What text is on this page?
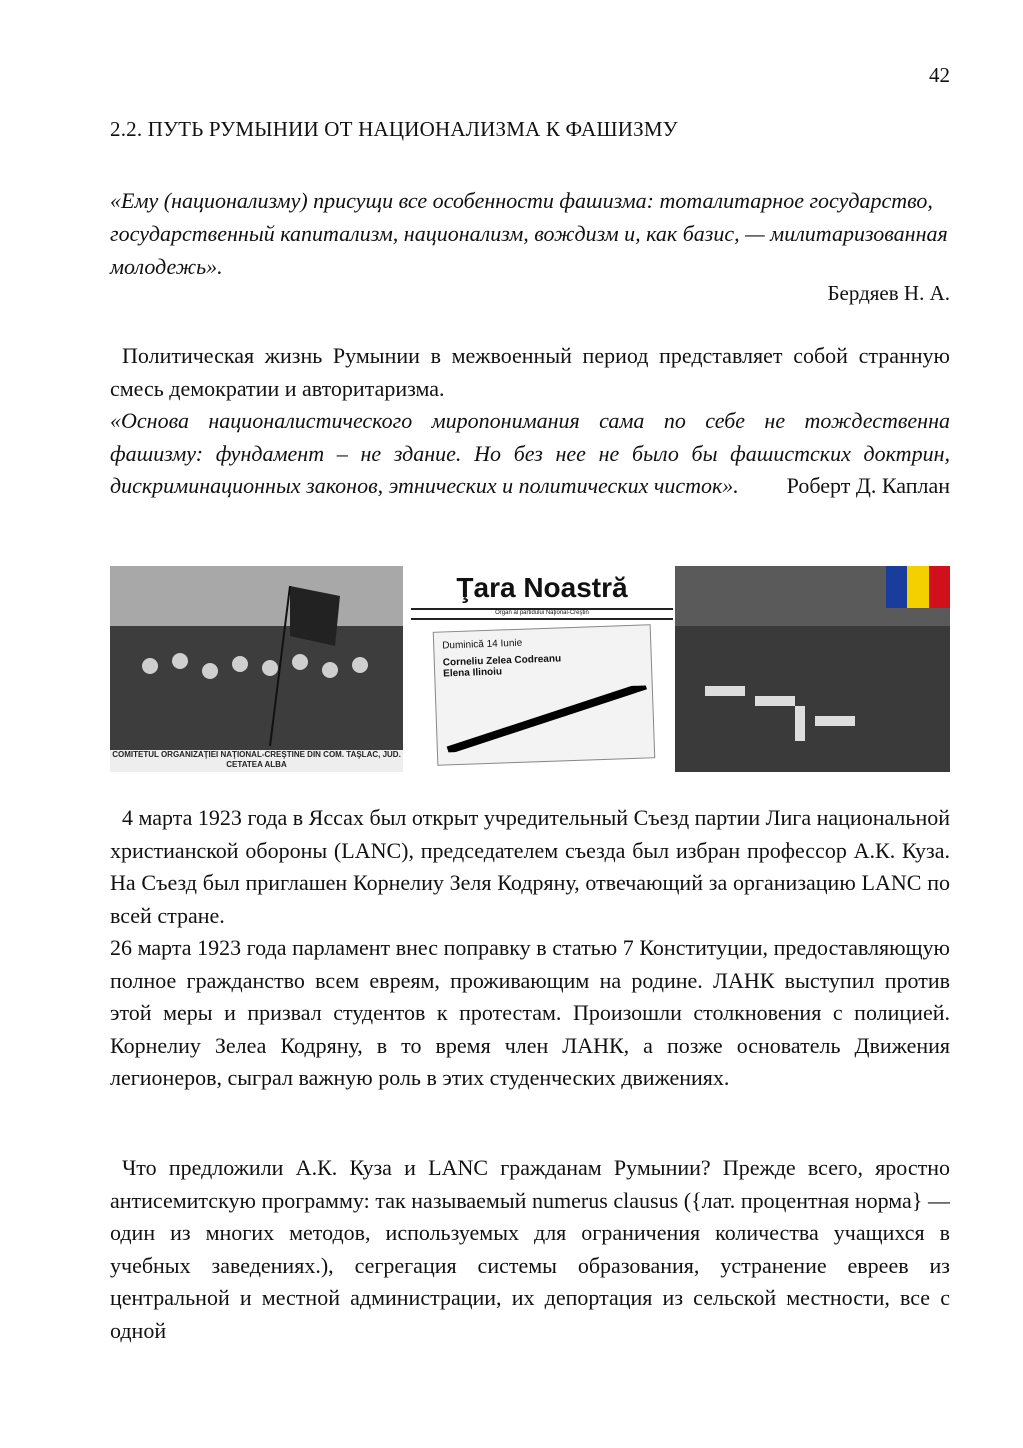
42
2.2. ПУТЬ РУМЫНИИ ОТ НАЦИОНАЛИЗМА К ФАШИЗМУ
«Ему (национализму) присущи все особенности фашизма: тоталитарное государство, государственный капитализм, национализм, вождизм и, как базис, — милитаризованная молодежь».
Бердяев Н. А.

Политическая жизнь Румынии в межвоенный период представляет собой странную смесь демократии и авторитаризма.

«Основа националистического миропонимания сама по себе не тождественна фашизму: фундамент – не здание. Но без нее не было бы фашистских доктрин, дискриминационных законов, этнических и политических чисток». Роберт Д. Каплан

COMITETUL ORGANIZAŢIEI NAŢIONAL-CREŞTINE DIN COM. TAŞLAC, JUD. CETATEA ALBA
Ţara Noastră
Organ al partidului Naţional-Creştin
Duminică 14 Iunie
Corneliu Zelea Codreanu
Elena Ilinoiu

4 марта 1923 года в Яссах был открыт учредительный Съезд партии Лига национальной христианской обороны (LANC), председателем съезда был избран профессор А.К. Куза. На Съезд был приглашен Корнелиу Зеля Кодряну, отвечающий за организацию LANC по всей стране.

26 марта 1923 года парламент внес поправку в статью 7 Конституции, предоставляющую полное гражданство всем евреям, проживающим на родине. ЛАНК выступил против этой меры и призвал студентов к протестам. Произошли столкновения с полицией. Корнелиу Зелеа Кодряну, в то время член ЛАНК, а позже основатель Движения легионеров, сыграл важную роль в этих студенческих движениях.

Что предложили А.К. Куза и LANC гражданам Румынии? Прежде всего, яростно антисемитскую программу: так называемый numerus clausus ({лат. процентная норма} — один из многих методов, используемых для ограничения количества учащихся в учебных заведениях.), сегрегация системы образования, устранение евреев из центральной и местной администрации, их депортация из сельской местности, все с одной
